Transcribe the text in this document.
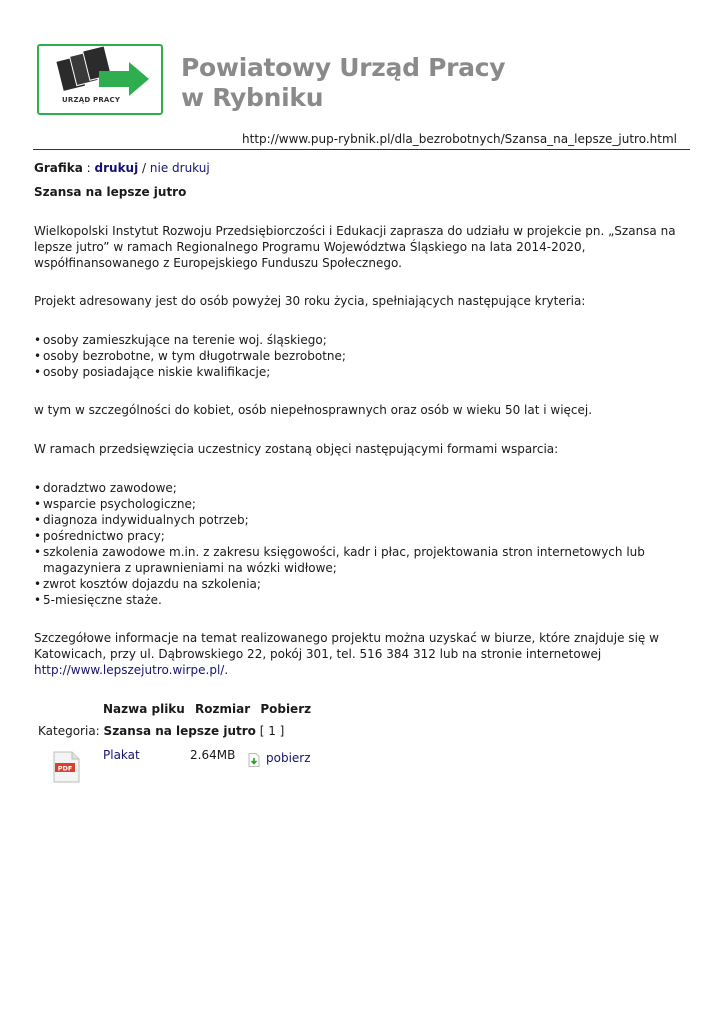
URZĄD PRACY
Powiatowy Urząd Pracy
w Rybniku
http://www.pup-rybnik.pl/dla_bezrobotnych/Szansa_na_lepsze_jutro.html

Grafika : drukuj / nie drukuj

Szansa na lepsze jutro

Wielkopolski Instytut Rozwoju Przedsiębiorczości i Edukacji zaprasza do udziału w projekcie pn. „Szansa na lepsze jutro” w ramach Regionalnego Programu Województwa Śląskiego na lata 2014-2020, współfinansowanego z Europejskiego Funduszu Społecznego.

Projekt adresowany jest do osób powyżej 30 roku życia, spełniających następujące kryteria:

• osoby zamieszkujące na terenie woj. śląskiego;
• osoby bezrobotne, w tym długotrwale bezrobotne;
• osoby posiadające niskie kwalifikacje;

w tym w szczególności do kobiet, osób niepełnosprawnych oraz osób w wieku 50 lat i więcej.

W ramach przedsięwzięcia uczestnicy zostaną objęci następującymi formami wsparcia:

• doradztwo zawodowe;
• wsparcie psychologiczne;
• diagnoza indywidualnych potrzeb;
• pośrednictwo pracy;
• szkolenia zawodowe m.in. z zakresu księgowości, kadr i płac, projektowania stron internetowych lub magazyniera z uprawnieniami na wózki widłowe;
• zwrot kosztów dojazdu na szkolenia;
• 5-miesięczne staże.

Szczegółowe informacje na temat realizowanego projektu można uzyskać w biurze, które znajduje się w Katowicach, przy ul. Dąbrowskiego 22, pokój 301, tel. 516 384 312 lub na stronie internetowej http://www.lepszejutro.wirpe.pl/.

Nazwa pliku Rozmiar Pobierz
Kategoria: Szansa na lepsze jutro [ 1 ]
PDF
Plakat	2.64MB	pobierz
